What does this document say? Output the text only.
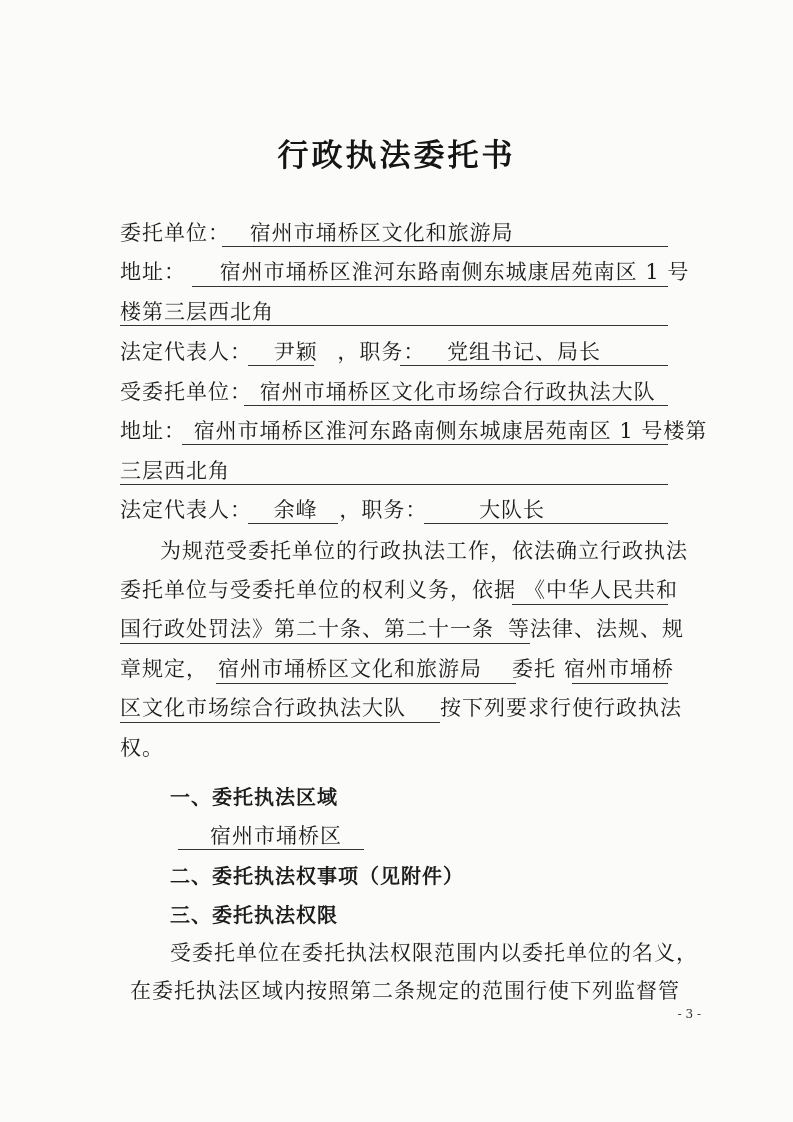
行政执法委托书
委托单位： 宿州市埇桥区文化和旅游局
地址： 宿州市埇桥区淮河东路南侧东城康居苑南区 1 号
楼第三层西北角
法定代表人： 尹颖 ，职务： 党组书记、局长
受委托单位： 宿州市埇桥区文化市场综合行政执法大队
地址： 宿州市埇桥区淮河东路南侧东城康居苑南区 1 号楼第
三层西北角
法定代表人： 余峰 ，职务： 大队长
为规范受委托单位的行政执法工作，依法确立行政执法
委托单位与受委托单位的权利义务，依据 《中华人民共和
国行政处罚法》第二十条、第二十一条 等法律、法规、规
章规定， 宿州市埇桥区文化和旅游局 委托 宿州市埇桥
区文化市场综合行政执法大队 按下列要求行使行政执法
权。
一、委托执法区域
宿州市埇桥区
二、委托执法权事项（见附件）
三、委托执法权限
受委托单位在委托执法权限范围内以委托单位的名义，
在委托执法区域内按照第二条规定的范围行使下列监督管
- 3 -
